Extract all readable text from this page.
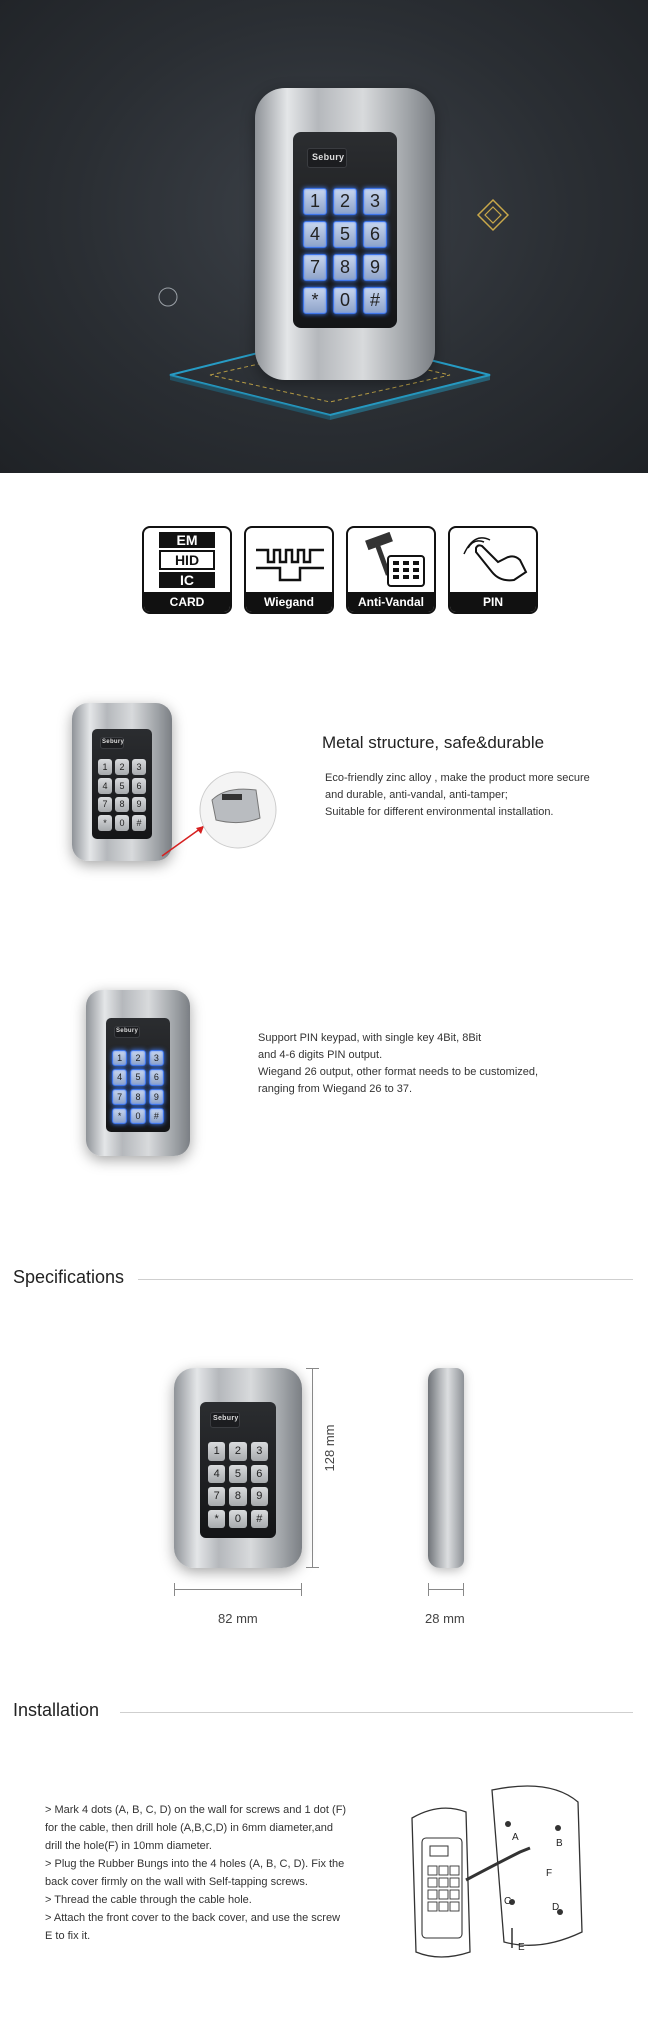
Sebury
1	2	3
4	5	6
7	8	9
*	0	#
EM
HID
IC
CARD	Wiegand	Anti-Vandal	PIN
Sebury
1	2	3
4	5	6
7	8	9
*	0	#
Metal structure, safe&durable

Eco-friendly zinc alloy , make the product more secure

and durable, anti-vandal, anti-tamper;

Suitable for different environmental installation.

Sebury
1	2	3
4	5	6
7	8	9
*	0	#

Support PIN keypad, with single key 4Bit, 8Bit

and 4-6 digits PIN output.

Wiegand 26 output, other format needs to be customized,

ranging from Wiegand 26 to 37.

Specifications
Sebury
1	2	3
4	5	6
7	8	9
*	0	#
128 mm
82 mm	28 mm
Installation

> Mark 4 dots (A, B, C, D) on the wall for screws and 1 dot (F)

for the cable, then drill hole (A,B,C,D) in 6mm diameter,and

drill the hole(F) in 10mm diameter.

> Plug the Rubber Bungs into the 4 holes (A, B, C, D). Fix the

back cover firmly on the wall with Self-tapping screws.

> Thread the cable through the cable hole.

> Attach the front cover to the back cover, and use the screw

E to fix it.

A
B
F
C
D
E
